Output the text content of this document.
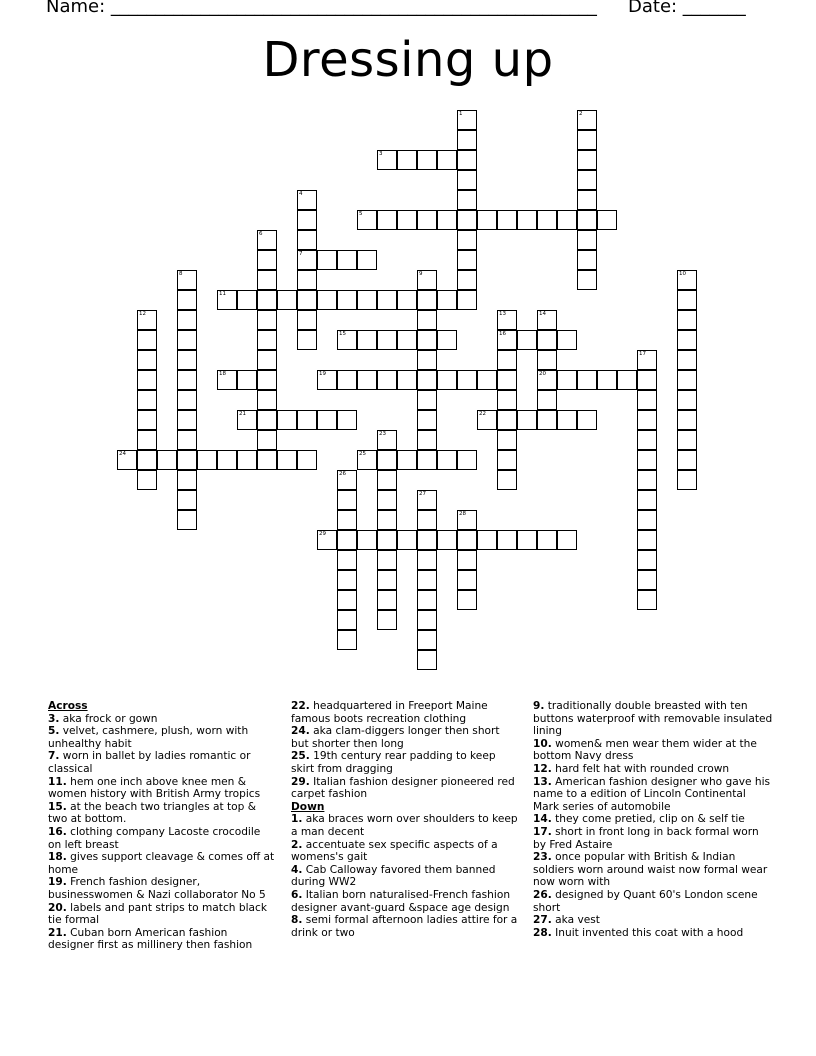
Name: ______________________________________________________ Date: _______
Dressing up
1	2
3
4
7
5
6
8	9	10
11
12	13
16
14
20
15
17
18	19
21	22
23
24	25
26
27
28
29

Across

3. aka frock or gown

5. velvet, cashmere, plush, worn with unhealthy habit

7. worn in ballet by ladies romantic or classical

11. hem one inch above knee men & women history with British Army tropics

15. at the beach two triangles at top & two at bottom.

16. clothing company Lacoste crocodile on left breast

18. gives support cleavage & comes off at home

19. French fashion designer, businesswomen & Nazi collaborator No 5

20. labels and pant strips to match black tie formal

21. Cuban born American fashion designer first as millinery then fashion

22. headquartered in Freeport Maine famous boots recreation clothing

24. aka clam-diggers longer then short but shorter then long

25. 19th century rear padding to keep skirt from dragging

29. Italian fashion designer pioneered red carpet fashion

Down

1. aka braces worn over shoulders to keep a man decent

2. accentuate sex specific aspects of a womens's gait

4. Cab Calloway favored them banned during WW2

6. Italian born naturalised-French fashion designer avant-guard &space age design

8. semi formal afternoon ladies attire for a drink or two

9. traditionally double breasted with ten buttons waterproof with removable insulated lining

10. women& men wear them wider at the bottom Navy dress

12. hard felt hat with rounded crown

13. American fashion designer who gave his name to a edition of Lincoln Continental Mark series of automobile

14. they come pretied, clip on & self tie

17. short in front long in back formal worn by Fred Astaire

23. once popular with British & Indian soldiers worn around waist now formal wear now worn with

26. designed by Quant 60's London scene short

27. aka vest

28. Inuit invented this coat with a hood
